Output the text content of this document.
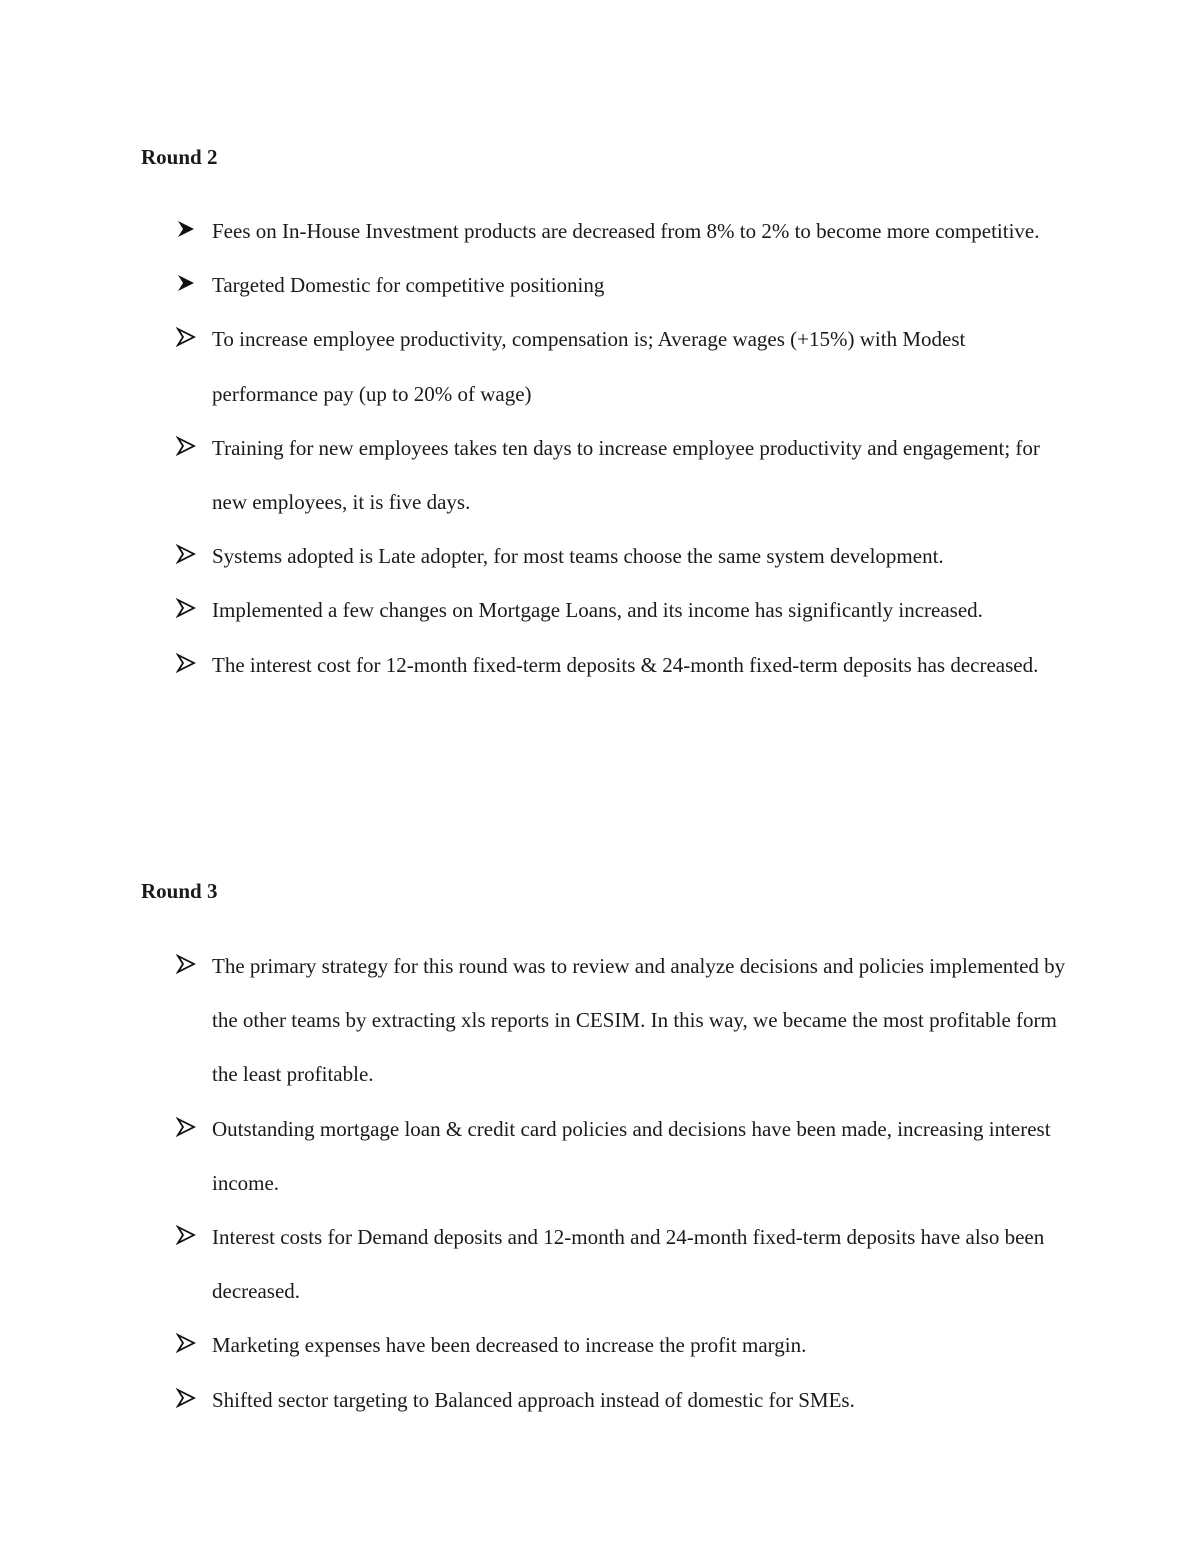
Round 2
Fees on In-House Investment products are decreased from 8% to 2% to become more competitive.
Targeted Domestic for competitive positioning
To increase employee productivity, compensation is; Average wages (+15%) with Modest performance pay (up to 20% of wage)
Training for new employees takes ten days to increase employee productivity and engagement; for new employees, it is five days.
Systems adopted is Late adopter, for most teams choose the same system development.
Implemented a few changes on Mortgage Loans, and its income has significantly increased.
The interest cost for 12-month fixed-term deposits & 24-month fixed-term deposits has decreased.
Round 3
The primary strategy for this round was to review and analyze decisions and policies implemented by the other teams by extracting xls reports in CESIM. In this way, we became the most profitable form the least profitable.
Outstanding mortgage loan & credit card policies and decisions have been made, increasing interest income.
Interest costs for Demand deposits and 12-month and 24-month fixed-term deposits have also been decreased.
Marketing expenses have been decreased to increase the profit margin.
Shifted sector targeting to Balanced approach instead of domestic for SMEs.
